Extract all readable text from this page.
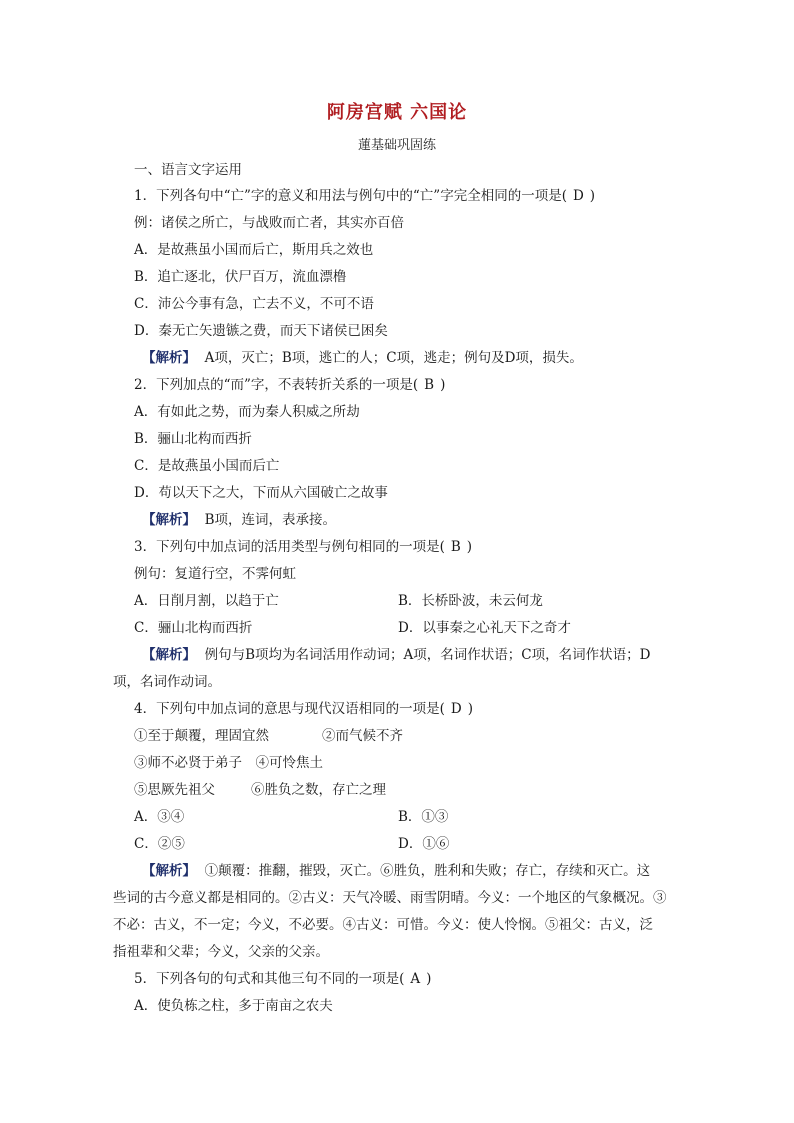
阿房宫赋 六国论
蓮基础巩固练
一、语言文字运用
1．下列各句中“亡”字的意义和用法与例句中的“亡”字完全相同的一项是( D )
例：诸侯之所亡，与战败而亡者，其实亦百倍
A．是故燕虽小国而后亡，斯用兵之效也
B．追亡逐北，伏尸百万，流血漂橹
C．沛公今事有急，亡去不义，不可不语
D．秦无亡矢遗镞之费，而天下诸侯已困矣
【解析】 A项，灭亡；B项，逃亡的人；C项，逃走；例句及D项，损失。
2．下列加点的“而”字，不表转折关系的一项是( B )
A．有如此之势，而为秦人积威之所劫
B．骊山北构而西折
C．是故燕虽小国而后亡
D．苟以天下之大，下而从六国破亡之故事
【解析】 B项，连词，表承接。
3．下列句中加点词的活用类型与例句相同的一项是( B )
例句：复道行空，不霁何虹
A．日削月割，以趋于亡	B．长桥卧波，未云何龙
C．骊山北构而西折	D．以事秦之心礼天下之奇才
【解析】 例句与B项均为名词活用作动词；A项，名词作状语；C项，名词作状语；D
项，名词作动词。
4．下列句中加点词的意思与现代汉语相同的一项是( D )
①至于颠覆，理固宜然	②而气候不齐
③师不必贤于弟子　④可怜焦土
⑤思厥先祖父	⑥胜负之数，存亡之理
A．③④	B．①③
C．②⑤	D．①⑥
【解析】 ①颠覆：推翻，摧毁，灭亡。⑥胜负，胜利和失败；存亡，存续和灭亡。这
些词的古今意义都是相同的。②古义：天气冷暖、雨雪阴晴。今义：一个地区的气象概况。③
不必：古义，不一定；今义，不必要。④古义：可惜。今义：使人怜悯。⑤祖父：古义，泛
指祖辈和父辈；今义，父亲的父亲。
5．下列各句的句式和其他三句不同的一项是( A )
A．使负栋之柱，多于南亩之农夫
